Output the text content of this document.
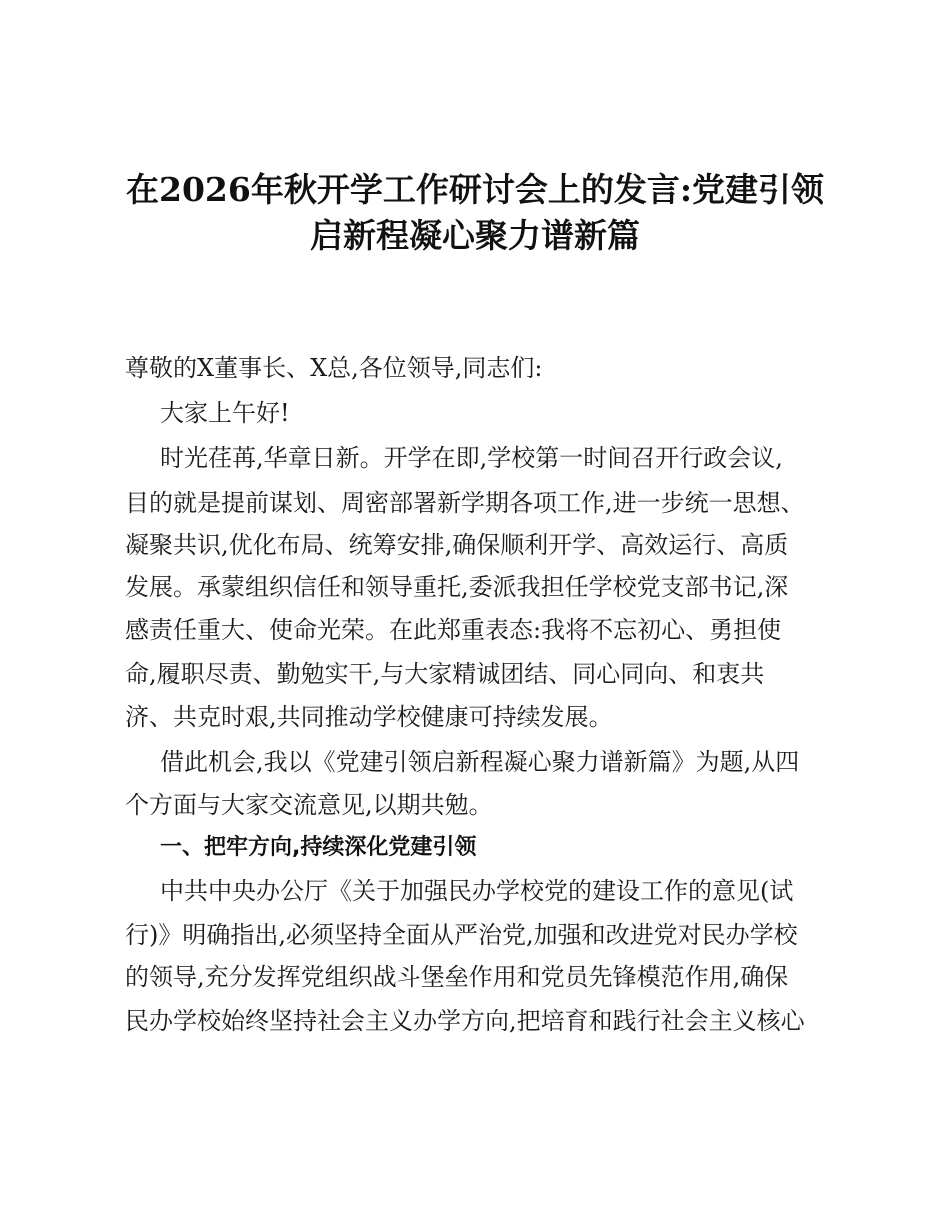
在2026年秋开学工作研讨会上的发言:党建引领
启新程凝心聚力谱新篇
尊敬的X董事长、X总,各位领导,同志们:
大家上午好!
时光荏苒,华章日新。开学在即,学校第一时间召开行政会议,
目的就是提前谋划、周密部署新学期各项工作,进一步统一思想、
凝聚共识,优化布局、统筹安排,确保顺利开学、高效运行、高质
发展。承蒙组织信任和领导重托,委派我担任学校党支部书记,深
感责任重大、使命光荣。在此郑重表态:我将不忘初心、勇担使
命,履职尽责、勤勉实干,与大家精诚团结、同心同向、和衷共
济、共克时艰,共同推动学校健康可持续发展。
借此机会,我以《党建引领启新程凝心聚力谱新篇》为题,从四
个方面与大家交流意见,以期共勉。
一、把牢方向,持续深化党建引领
中共中央办公厅《关于加强民办学校党的建设工作的意见(试
行)》明确指出,必须坚持全面从严治党,加强和改进党对民办学校
的领导,充分发挥党组织战斗堡垒作用和党员先锋模范作用,确保
民办学校始终坚持社会主义办学方向,把培育和践行社会主义核心
